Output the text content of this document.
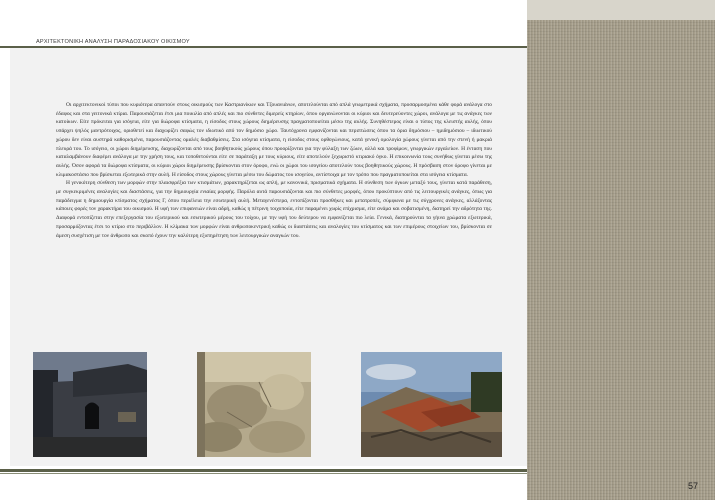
ΑΡΧΙΤΕΚΤΟΝΙΚΗ ΑΝΑΛΥΣΗ ΠΑΡΑΔΟΣΙΑΚΟΥ ΟΙΚΙΣΜΟΥ

Οι αρχιτεκτονικοί τύποι που κυριότερα απαντούν στους οικισμούς των Καστριανίκων και Τζουανιάνων, αποτελούνται από απλά γεωμετρικά σχήματα, προσαρμοσμένα κάθε φορά ανάλογα στο έδαφος και στα γειτονικά κτίρια. Παρουσιάζεται έτσι μια ποικιλία από απλές και πιο σύνθετες διμερείς κτηρίων, όπου οργανώνονται οι κύριοι και δευτερεύοντες χώροι, ανάλογα με τις ανάγκες των κατοίκων. Είτε πρόκειται για ισόγεια, είτε για διώροφα κτίσματα, η είσοδος στους χώρους διημέρευσης πραγματοποιείται μέσω της αυλής. Συνηθέστερος είναι ο τύπος της κλειστής αυλής, όπου υπάρχει ψηλός μαντρότοιχος, οριοθετεί και διαχωρίζει σαφώς τον ιδιωτικό από τον δημόσιο χώρο. Ταυτόχρονα εμφανίζονται και περιπτώσεις όπου τα όρια δημόσιου – ημιδημόσιου – ιδιωτικού χώρου δεν είναι αυστηρά καθορισμένα, παρουσιάζοντας ομαλές διαβαθμίσεις. Στα ισόγεια κτίσματα, η είσοδος στους ορθογώνιους, κατά γενική ομολογία χώρους γίνεται από την στενή ή μακριά πλευρά του. Το ισόγειο, οι χώροι διημέρευσης, διαχωρίζονται από τους βοηθητικούς χώρους όπου προορίζονται για την φύλαξη των ζώων, αλλά και τροφίμων, γεωργικών εργαλείων. Η ένταση που καταλαμβάνουν διαφέρει ανάλογα με την χρήση τους, και τοποθετούνται είτε σε παράταξη με τους κύριους, είτε αποτελούν ξεχωριστό κτιριακό όγκο. Η επικοινωνία τους συνήθως γίνεται μέσω της αυλής. Όσον αφορά τα διώροφα κτίσματα, οι κύριοι χώροι διημέρευσης βρίσκονται στον όροφο, ενώ οι χώροι του ισογείου αποτελούν τους βοηθητικούς χώρους. Η πρόσβαση στον όροφο γίνεται με κλιμακοστάσιο που βρίσκεται εξωτερικά στην αυλή. Η είσοδος στους χώρους γίνεται μέσω του δώματος του ισογείου, αντίστοιχα με τον τρόπο που πραγματοποιείται στα ισόγεια κτίσματα.

Η γενικότερη σύνθεση των μορφών στην πλαισφρέξια των κτισμάτων, χαρακτηρίζεται ως απλή, με κανονικά, πρισματικά σχήματα. Η σύνθεση των όγκων μεταξύ τους, γίνεται κατά παράθεση, με συγκεκριμένες αναλογίες και διαστάσεις, για την δημιουργία ενιαίας μορφής. Παρόλα αυτά παρουσιάζονται και πιο σύνθετες μορφές, όπου προκύπτουν από τις λειτουργικές ανάγκες, όπως για παράδειγμα η δημιουργία κτίσματος σχήματος Γ, όπου περιέλεια την εσωτερική αυλή. Μεταγενέστερα, εντοπίζονται προσθήκες και μετατροπές, σύμφωνα με τις σύγχρονες ανάγκες, αλλάζοντας κάποιες φορές τον χαρακτήρα του οικισμού. Η υφή των επιφανειών είναι αδρή, καθώς η πέτρινη τοιχοποιία, είτε παραμένει χωρίς επίχρισμα, είτε ανάμα και σοβατισμένη, διατηρεί την αδρότητα της. Διαφορά εντοπίζεται στην επεξεργασία του εξωτερικού και εσωτερικού μέρους του τοίχου, με την υφή του δεύτερου να εμφανίζεται πιο λεία. Γενικά, διατηρούνται τα γήινα χρώματα εξωτερικά, προσαρμόζοντας έτσι το κτίριο στο περιβάλλον. Η κλίμακα των μορφών είναι ανθρωποκεντρική καθώς οι διαστάσεις και αναλογίες του κτίσματος και των επιμέρους στοιχείων του, βρίσκονται σε άμεση συσχέτιση με τον άνθρωπο και σκοπό έχουν την καλύτερη εξυπηρέτηση των λειτουργικών αναγκών του.

57
